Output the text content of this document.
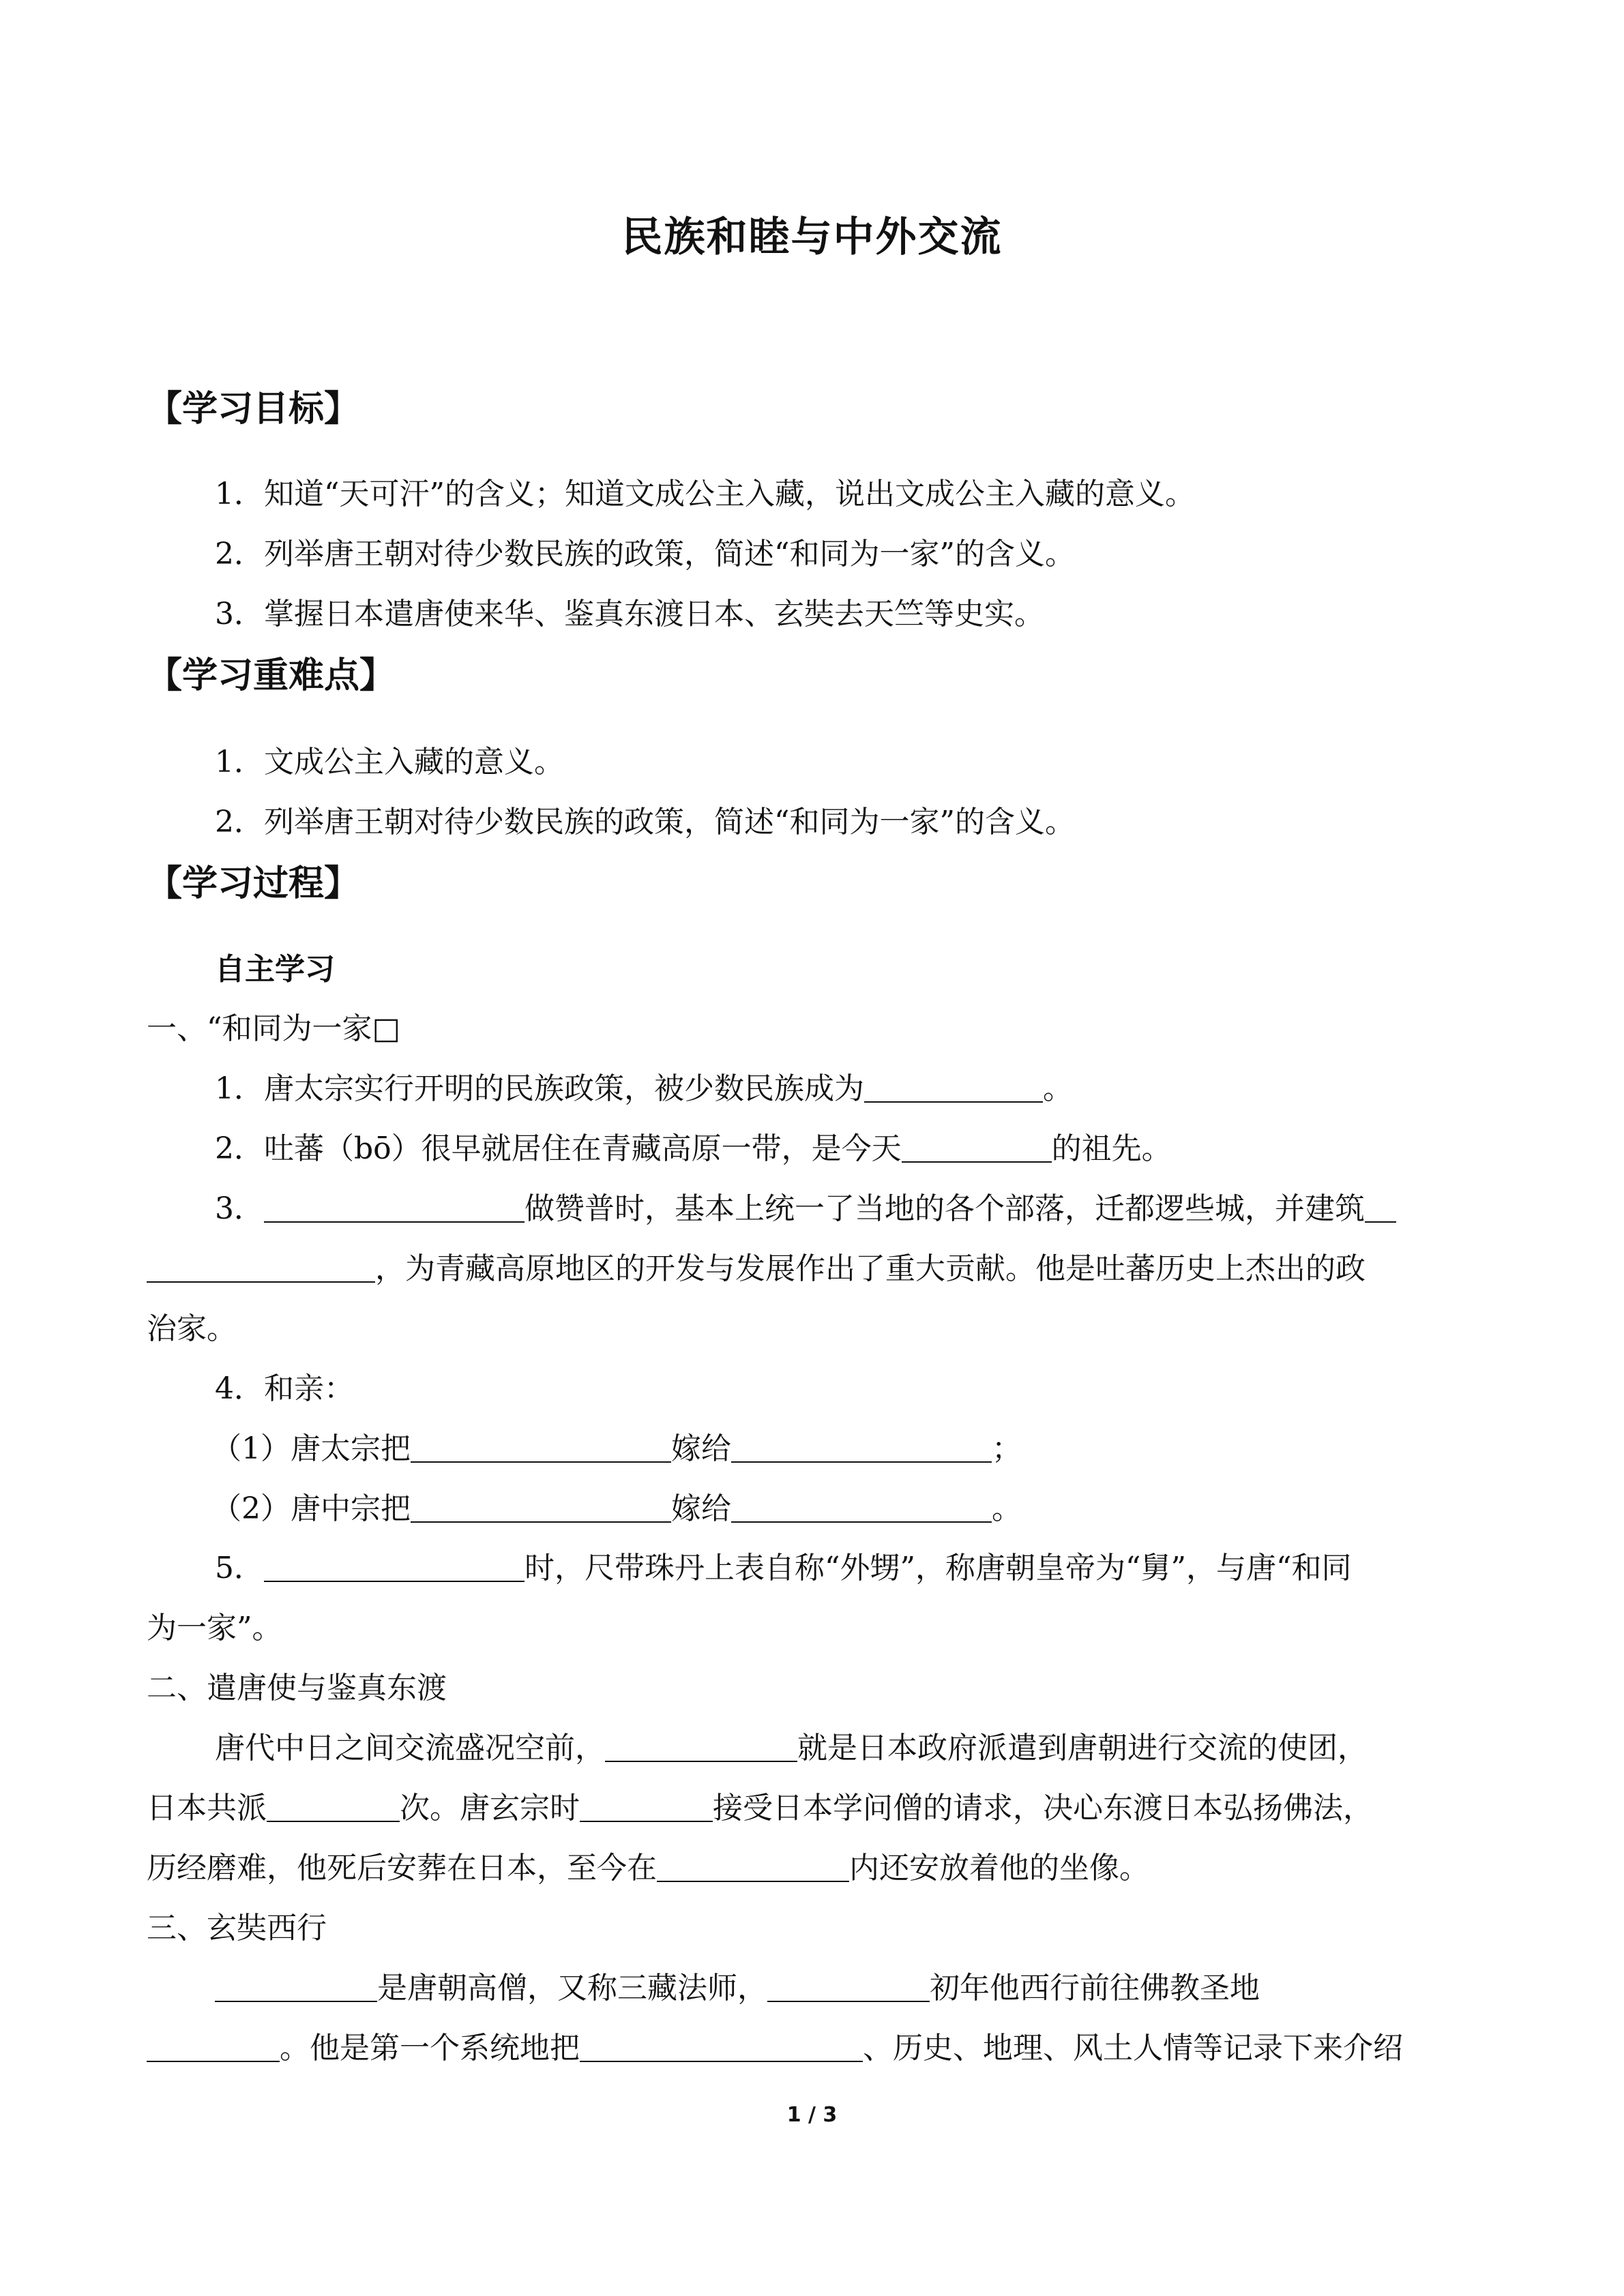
民族和睦与中外交流
【学习目标】
1．知道“天可汗”的含义；知道文成公主入藏，说出文成公主入藏的意义。
2．列举唐王朝对待少数民族的政策，简述“和同为一家”的含义。
3．掌握日本遣唐使来华、鉴真东渡日本、玄奘去天竺等史实。
【学习重难点】
1．文成公主入藏的意义。
2．列举唐王朝对待少数民族的政策，简述“和同为一家”的含义。
【学习过程】
自主学习
一、“和同为一家□
1．唐太宗实行开明的民族政策，被少数民族成为	。
2．吐蕃（bō）很早就居住在青藏高原一带，是今天	的祖先。
3．	做赞普时，基本上统一了当地的各个部落，迁都逻些城，并建筑
，为青藏高原地区的开发与发展作出了重大贡献。他是吐蕃历史上杰出的政
治家。
4．和亲：
（1）唐太宗把	嫁给	；
（2）唐中宗把	嫁给	。
5．	时，尺带珠丹上表自称“外甥”，称唐朝皇帝为“舅”，与唐“和同
为一家”。
二、遣唐使与鉴真东渡
唐代中日之间交流盛况空前，	就是日本政府派遣到唐朝进行交流的使团，
日本共派	次。唐玄宗时	接受日本学问僧的请求，决心东渡日本弘扬佛法，
历经磨难，他死后安葬在日本，至今在	内还安放着他的坐像。
三、玄奘西行
是唐朝高僧，又称三藏法师，	初年他西行前往佛教圣地
。他是第一个系统地把	、历史、地理、风土人情等记录下来介绍
1 / 3
